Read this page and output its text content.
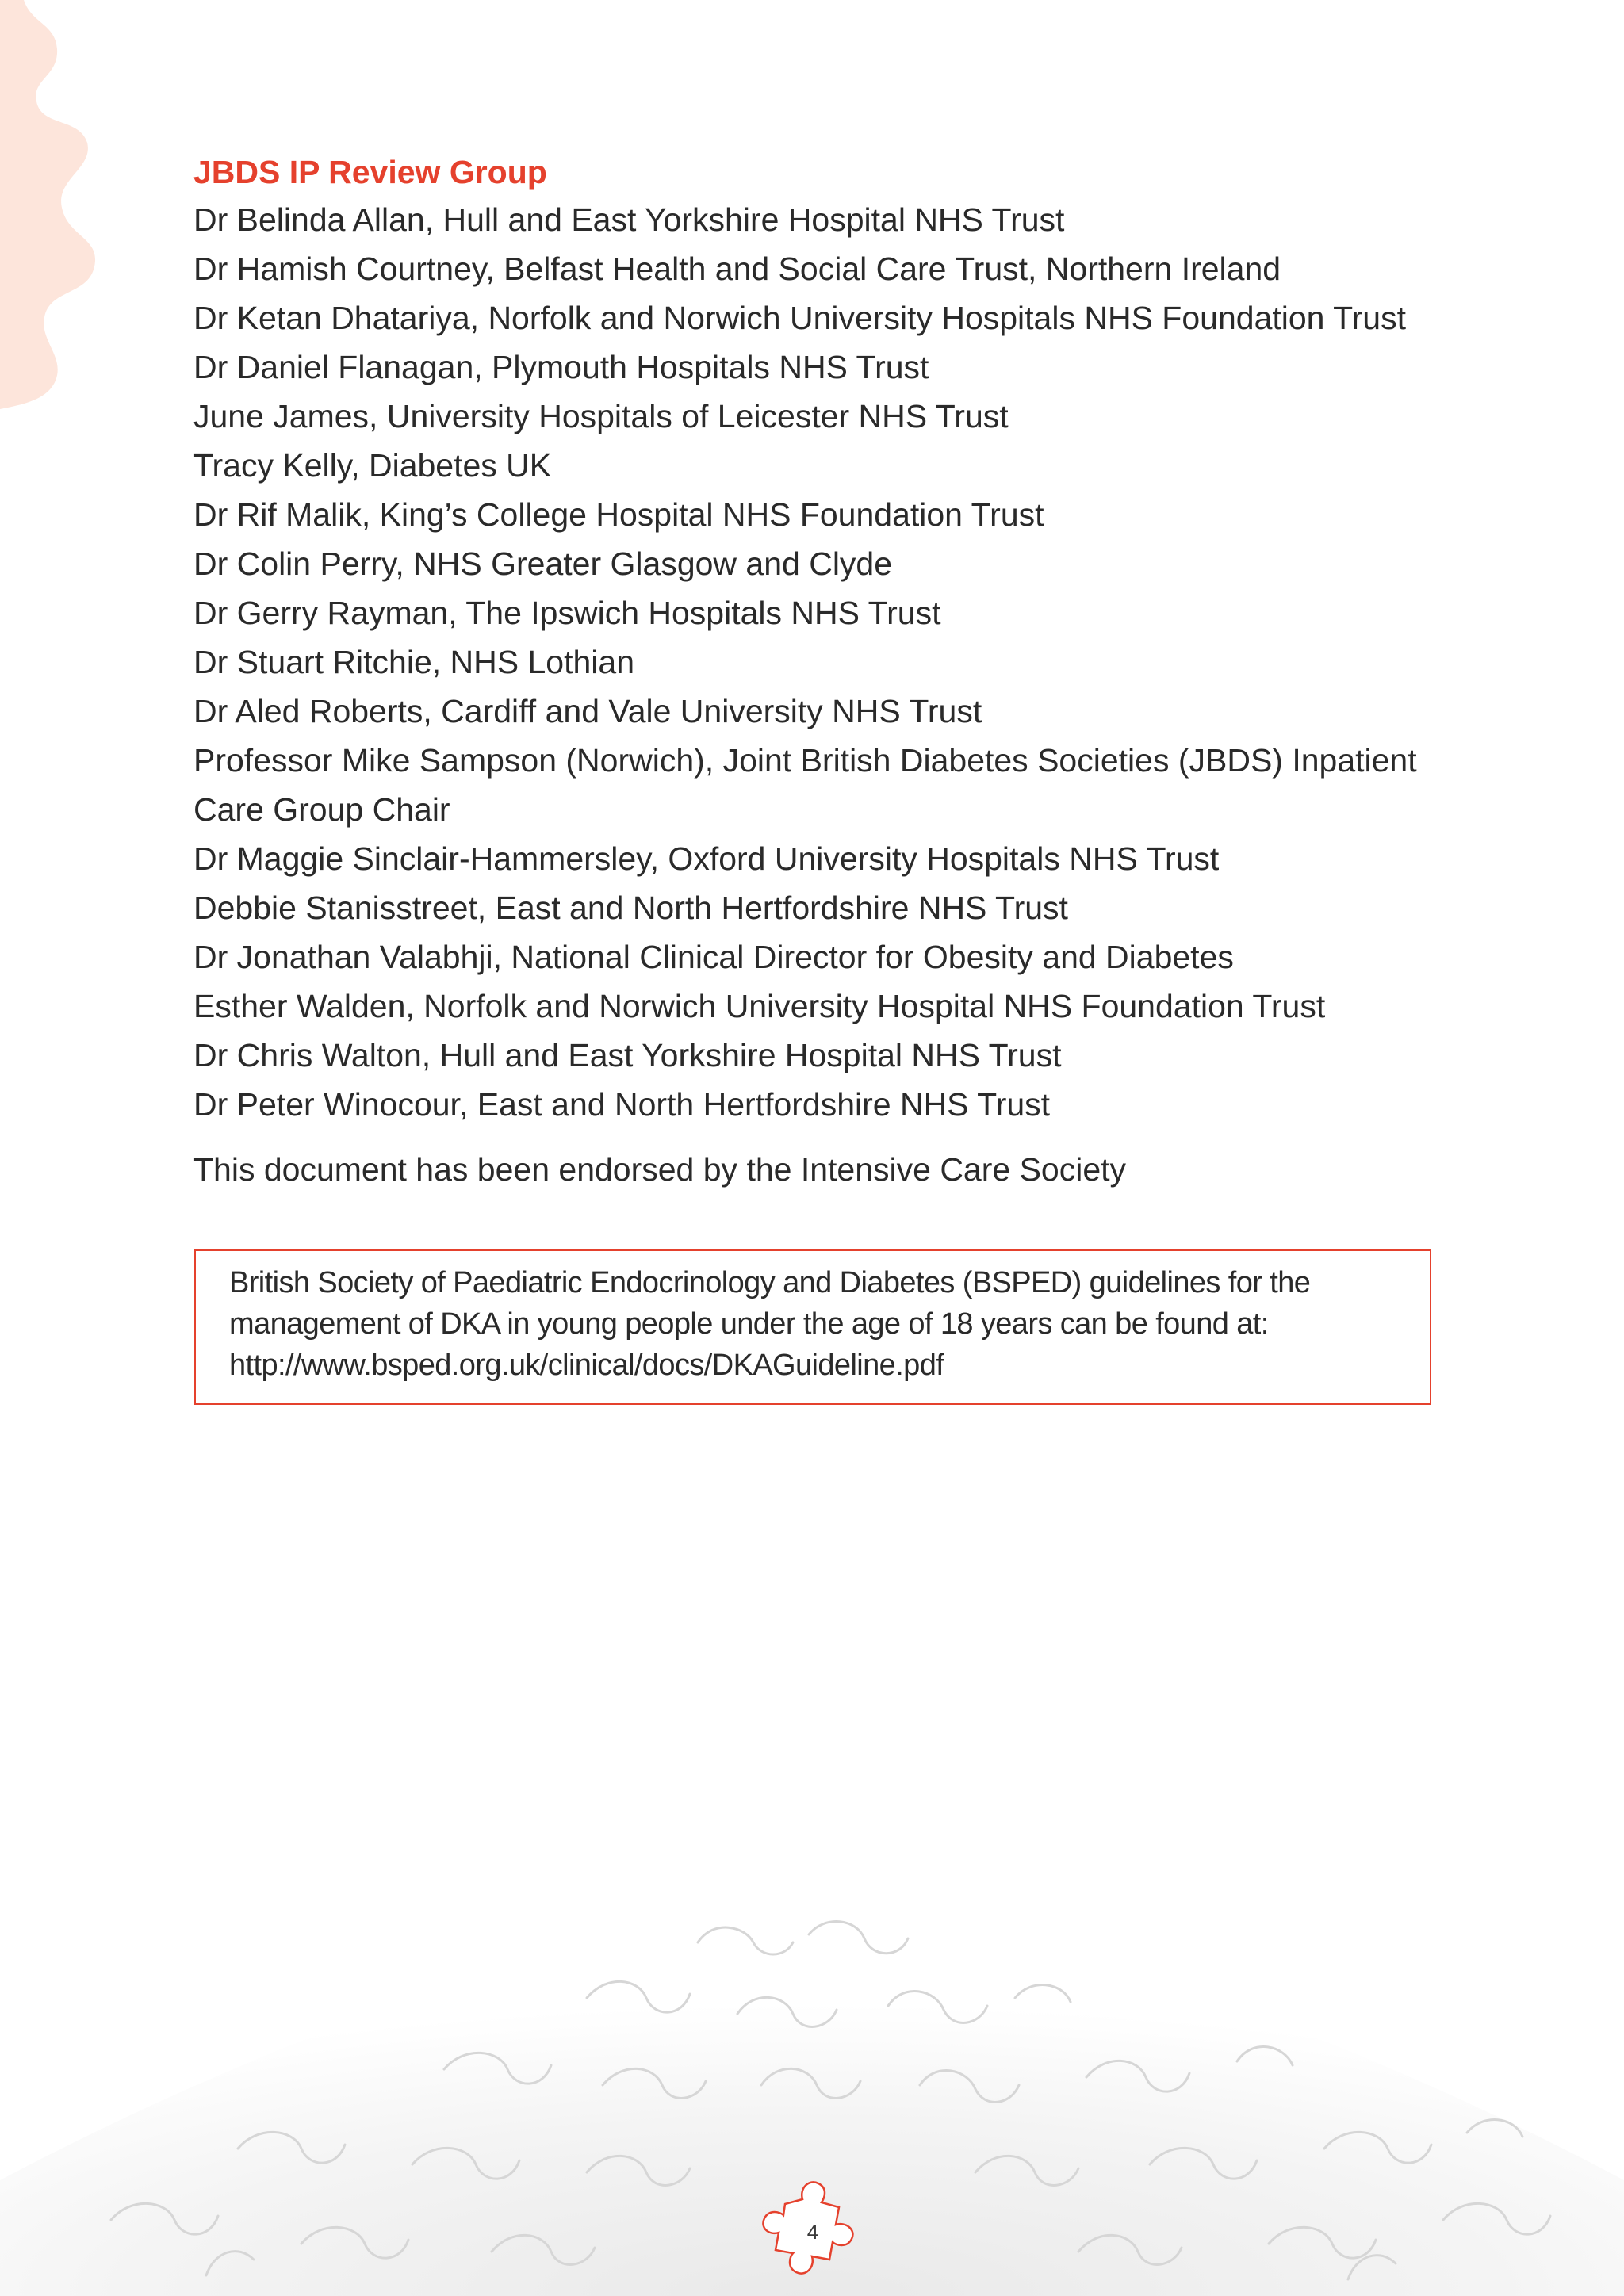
JBDS IP Review Group
Dr Belinda Allan, Hull and East Yorkshire Hospital NHS Trust
Dr Hamish Courtney, Belfast Health and Social Care Trust, Northern Ireland
Dr Ketan Dhatariya, Norfolk and Norwich University Hospitals NHS Foundation Trust
Dr Daniel Flanagan, Plymouth Hospitals NHS Trust
June James, University Hospitals of Leicester NHS Trust
Tracy Kelly, Diabetes UK
Dr Rif Malik, King’s College Hospital NHS Foundation Trust
Dr Colin Perry, NHS Greater Glasgow and Clyde
Dr Gerry Rayman, The Ipswich Hospitals NHS Trust
Dr Stuart Ritchie, NHS Lothian
Dr Aled Roberts, Cardiff and Vale University NHS Trust
Professor Mike Sampson (Norwich), Joint British Diabetes Societies (JBDS) Inpatient
Care Group Chair
Dr Maggie Sinclair-Hammersley, Oxford University Hospitals NHS Trust
Debbie Stanisstreet, East and North Hertfordshire NHS Trust
Dr Jonathan Valabhji, National Clinical Director for Obesity and Diabetes
Esther Walden, Norfolk and Norwich University Hospital NHS Foundation Trust
Dr Chris Walton, Hull and East Yorkshire Hospital NHS Trust
Dr Peter Winocour, East and North Hertfordshire NHS Trust

This document has been endorsed by the Intensive Care Society

British Society of Paediatric Endocrinology and Diabetes (BSPED) guidelines for the

management of DKA in young people under the age of 18 years can be found at:

http://www.bsped.org.uk/clinical/docs/DKAGuideline.pdf

4
